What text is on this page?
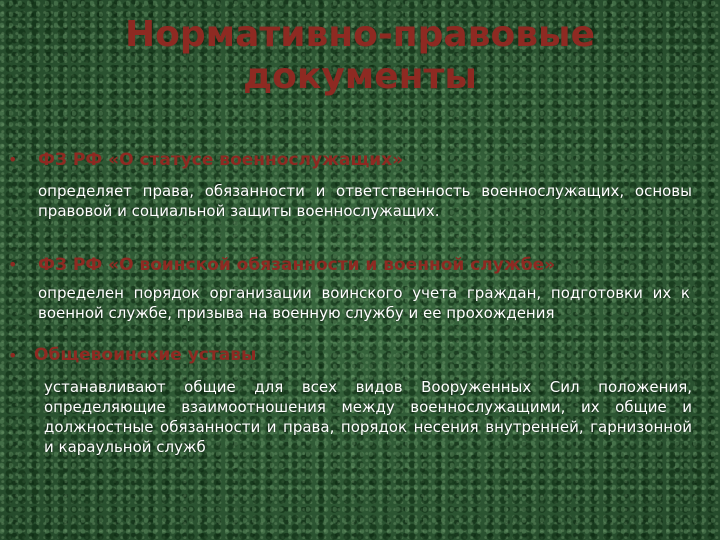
Нормативно-правовые
документы
• ФЗ РФ «О статусе военнослужащих»
определяет права, обязанности и ответственность военнослужащих, основы правовой и социальной защиты военнослужащих.
• ФЗ РФ «О воинской обязанности и военной службе»
определен порядок организации воинского учета граждан, подготовки их к военной службе, призыва на военную службу и ее прохождения
• Общевоинские уставы
устанавливают общие для всех видов Вооруженных Сил положения, определяющие взаимоотношения между военнослужащими, их общие и должностные обязанности и права, порядок несения внутренней, гарнизонной и караульной служб
